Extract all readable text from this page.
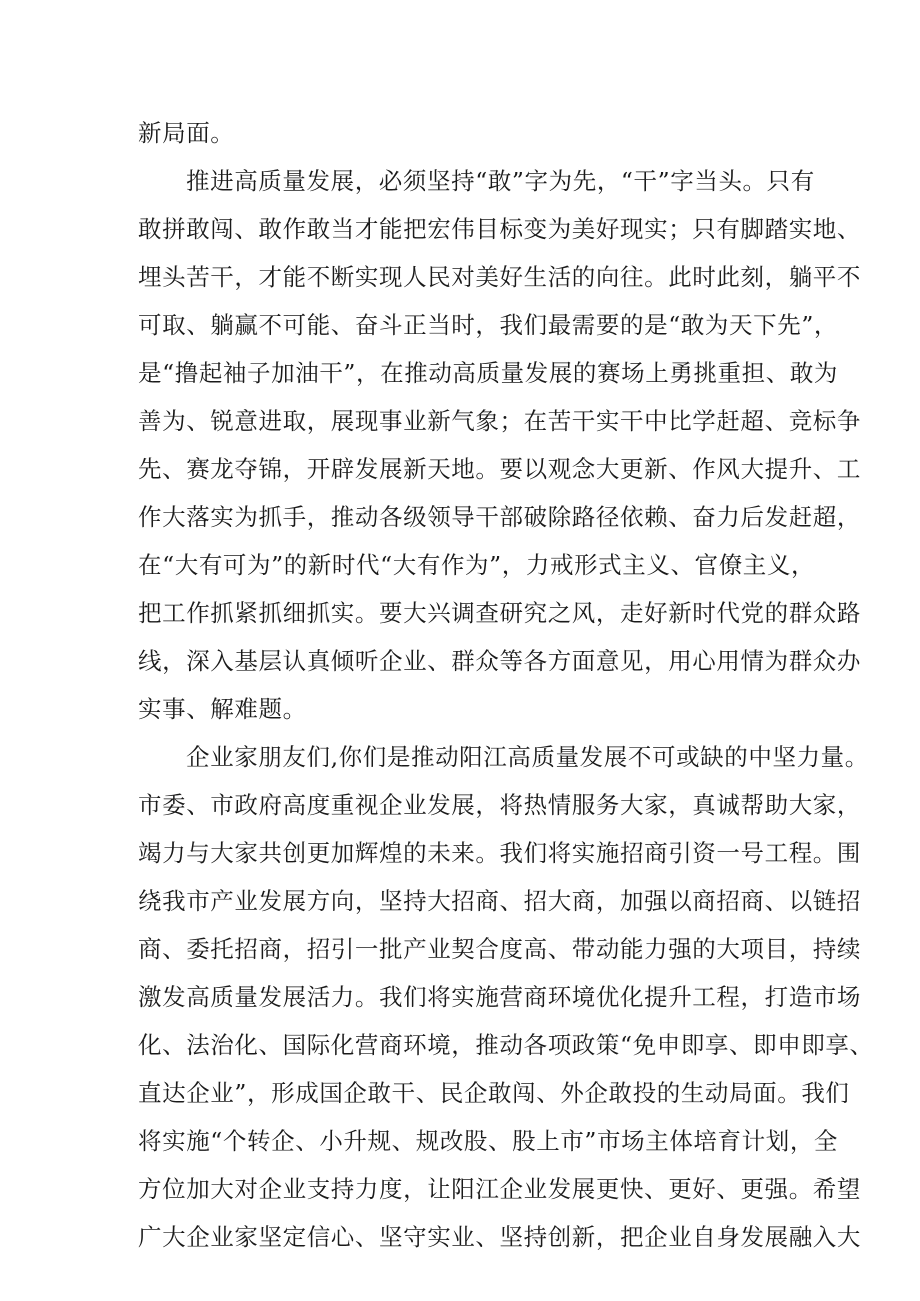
新局面。
推进高质量发展，必须坚持“敢”字为先，“干”字当头。只有
敢拼敢闯、敢作敢当才能把宏伟目标变为美好现实；只有脚踏实地、
埋头苦干，才能不断实现人民对美好生活的向往。此时此刻，躺平不
可取、躺赢不可能、奋斗正当时，我们最需要的是“敢为天下先”，
是“撸起袖子加油干”，在推动高质量发展的赛场上勇挑重担、敢为
善为、锐意进取，展现事业新气象；在苦干实干中比学赶超、竞标争
先、赛龙夺锦，开辟发展新天地。要以观念大更新、作风大提升、工
作大落实为抓手，推动各级领导干部破除路径依赖、奋力后发赶超，
在“大有可为”的新时代“大有作为”，力戒形式主义、官僚主义，
把工作抓紧抓细抓实。要大兴调查研究之风，走好新时代党的群众路
线，深入基层认真倾听企业、群众等各方面意见，用心用情为群众办
实事、解难题。
企业家朋友们,你们是推动阳江高质量发展不可或缺的中坚力量。
市委、市政府高度重视企业发展，将热情服务大家，真诚帮助大家，
竭力与大家共创更加辉煌的未来。我们将实施招商引资一号工程。围
绕我市产业发展方向，坚持大招商、招大商，加强以商招商、以链招
商、委托招商，招引一批产业契合度高、带动能力强的大项目，持续
激发高质量发展活力。我们将实施营商环境优化提升工程，打造市场
化、法治化、国际化营商环境，推动各项政策“免申即享、即申即享、
直达企业”，形成国企敢干、民企敢闯、外企敢投的生动局面。我们
将实施“个转企、小升规、规改股、股上市”市场主体培育计划，全
方位加大对企业支持力度，让阳江企业发展更快、更好、更强。希望
广大企业家坚定信心、坚守实业、坚持创新，把企业自身发展融入大
